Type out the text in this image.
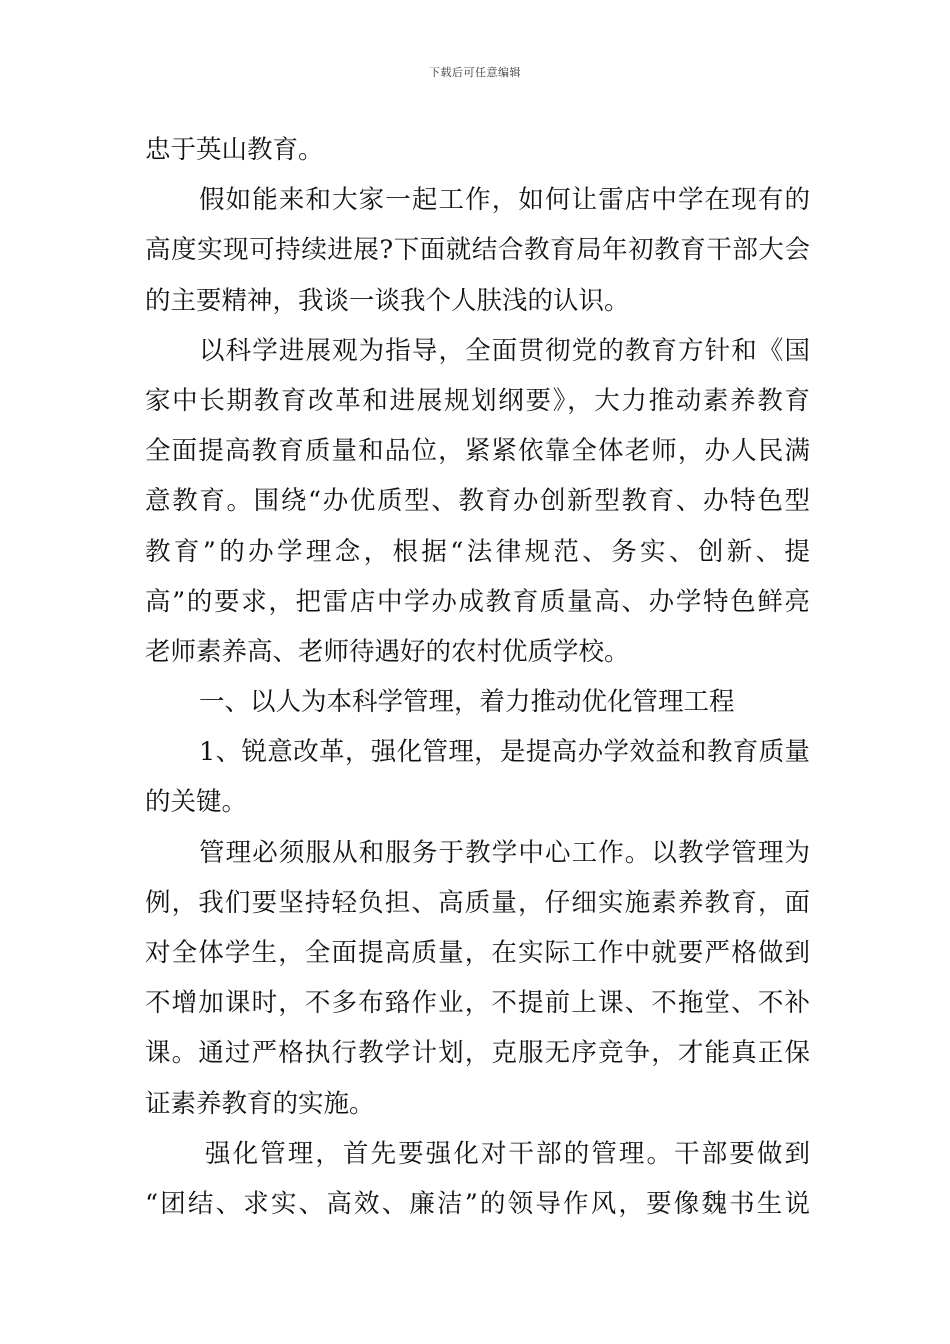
下载后可任意编辑
忠于英山教育。
假如能来和大家一起工作，如何让雷店中学在现有的
高度实现可持续进展?下面就结合教育局年初教育干部大会
的主要精神，我谈一谈我个人肤浅的认识。
以科学进展观为指导，全面贯彻党的教育方针和《国
家中长期教育改革和进展规划纲要》，大力推动素养教育
全面提高教育质量和品位，紧紧依靠全体老师，办人民满
意教育。围绕“办优质型、教育办创新型教育、办特色型
教育”的办学理念，根据“法律规范、务实、创新、提
高”的要求，把雷店中学办成教育质量高、办学特色鲜亮
老师素养高、老师待遇好的农村优质学校。
一、以人为本科学管理，着力推动优化管理工程
1、锐意改革，强化管理，是提高办学效益和教育质量
的关键。
管理必须服从和服务于教学中心工作。以教学管理为
例，我们要坚持轻负担、高质量，仔细实施素养教育，面
对全体学生，全面提高质量，在实际工作中就要严格做到
不增加课时，不多布臵作业，不提前上课、不拖堂、不补
课。通过严格执行教学计划，克服无序竞争，才能真正保
证素养教育的实施。
强化管理，首先要强化对干部的管理。干部要做到
“团结、求实、高效、廉洁”的领导作风，要像魏书生说
